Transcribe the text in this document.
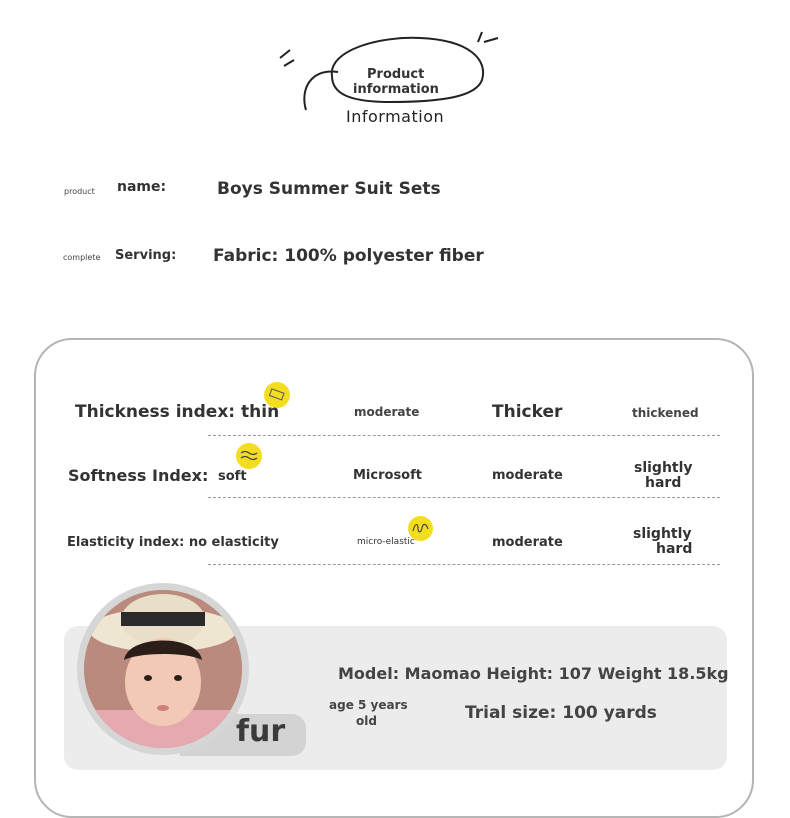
Product
information
Information
product name:	Boys Summer Suit Sets
complete Serving: Fabric: 100% polyester fiber
Thickness index: thin	moderate	Thicker	thickened
Softness Index: soft	Microsoft	moderate	slightly
hard
Elasticity index: no elasticity	micro-elastic	moderate
slightly
hard
fur
Model: Maomao Height: 107 Weight 18.5kg
age 5 years
old	Trial size: 100 yards
